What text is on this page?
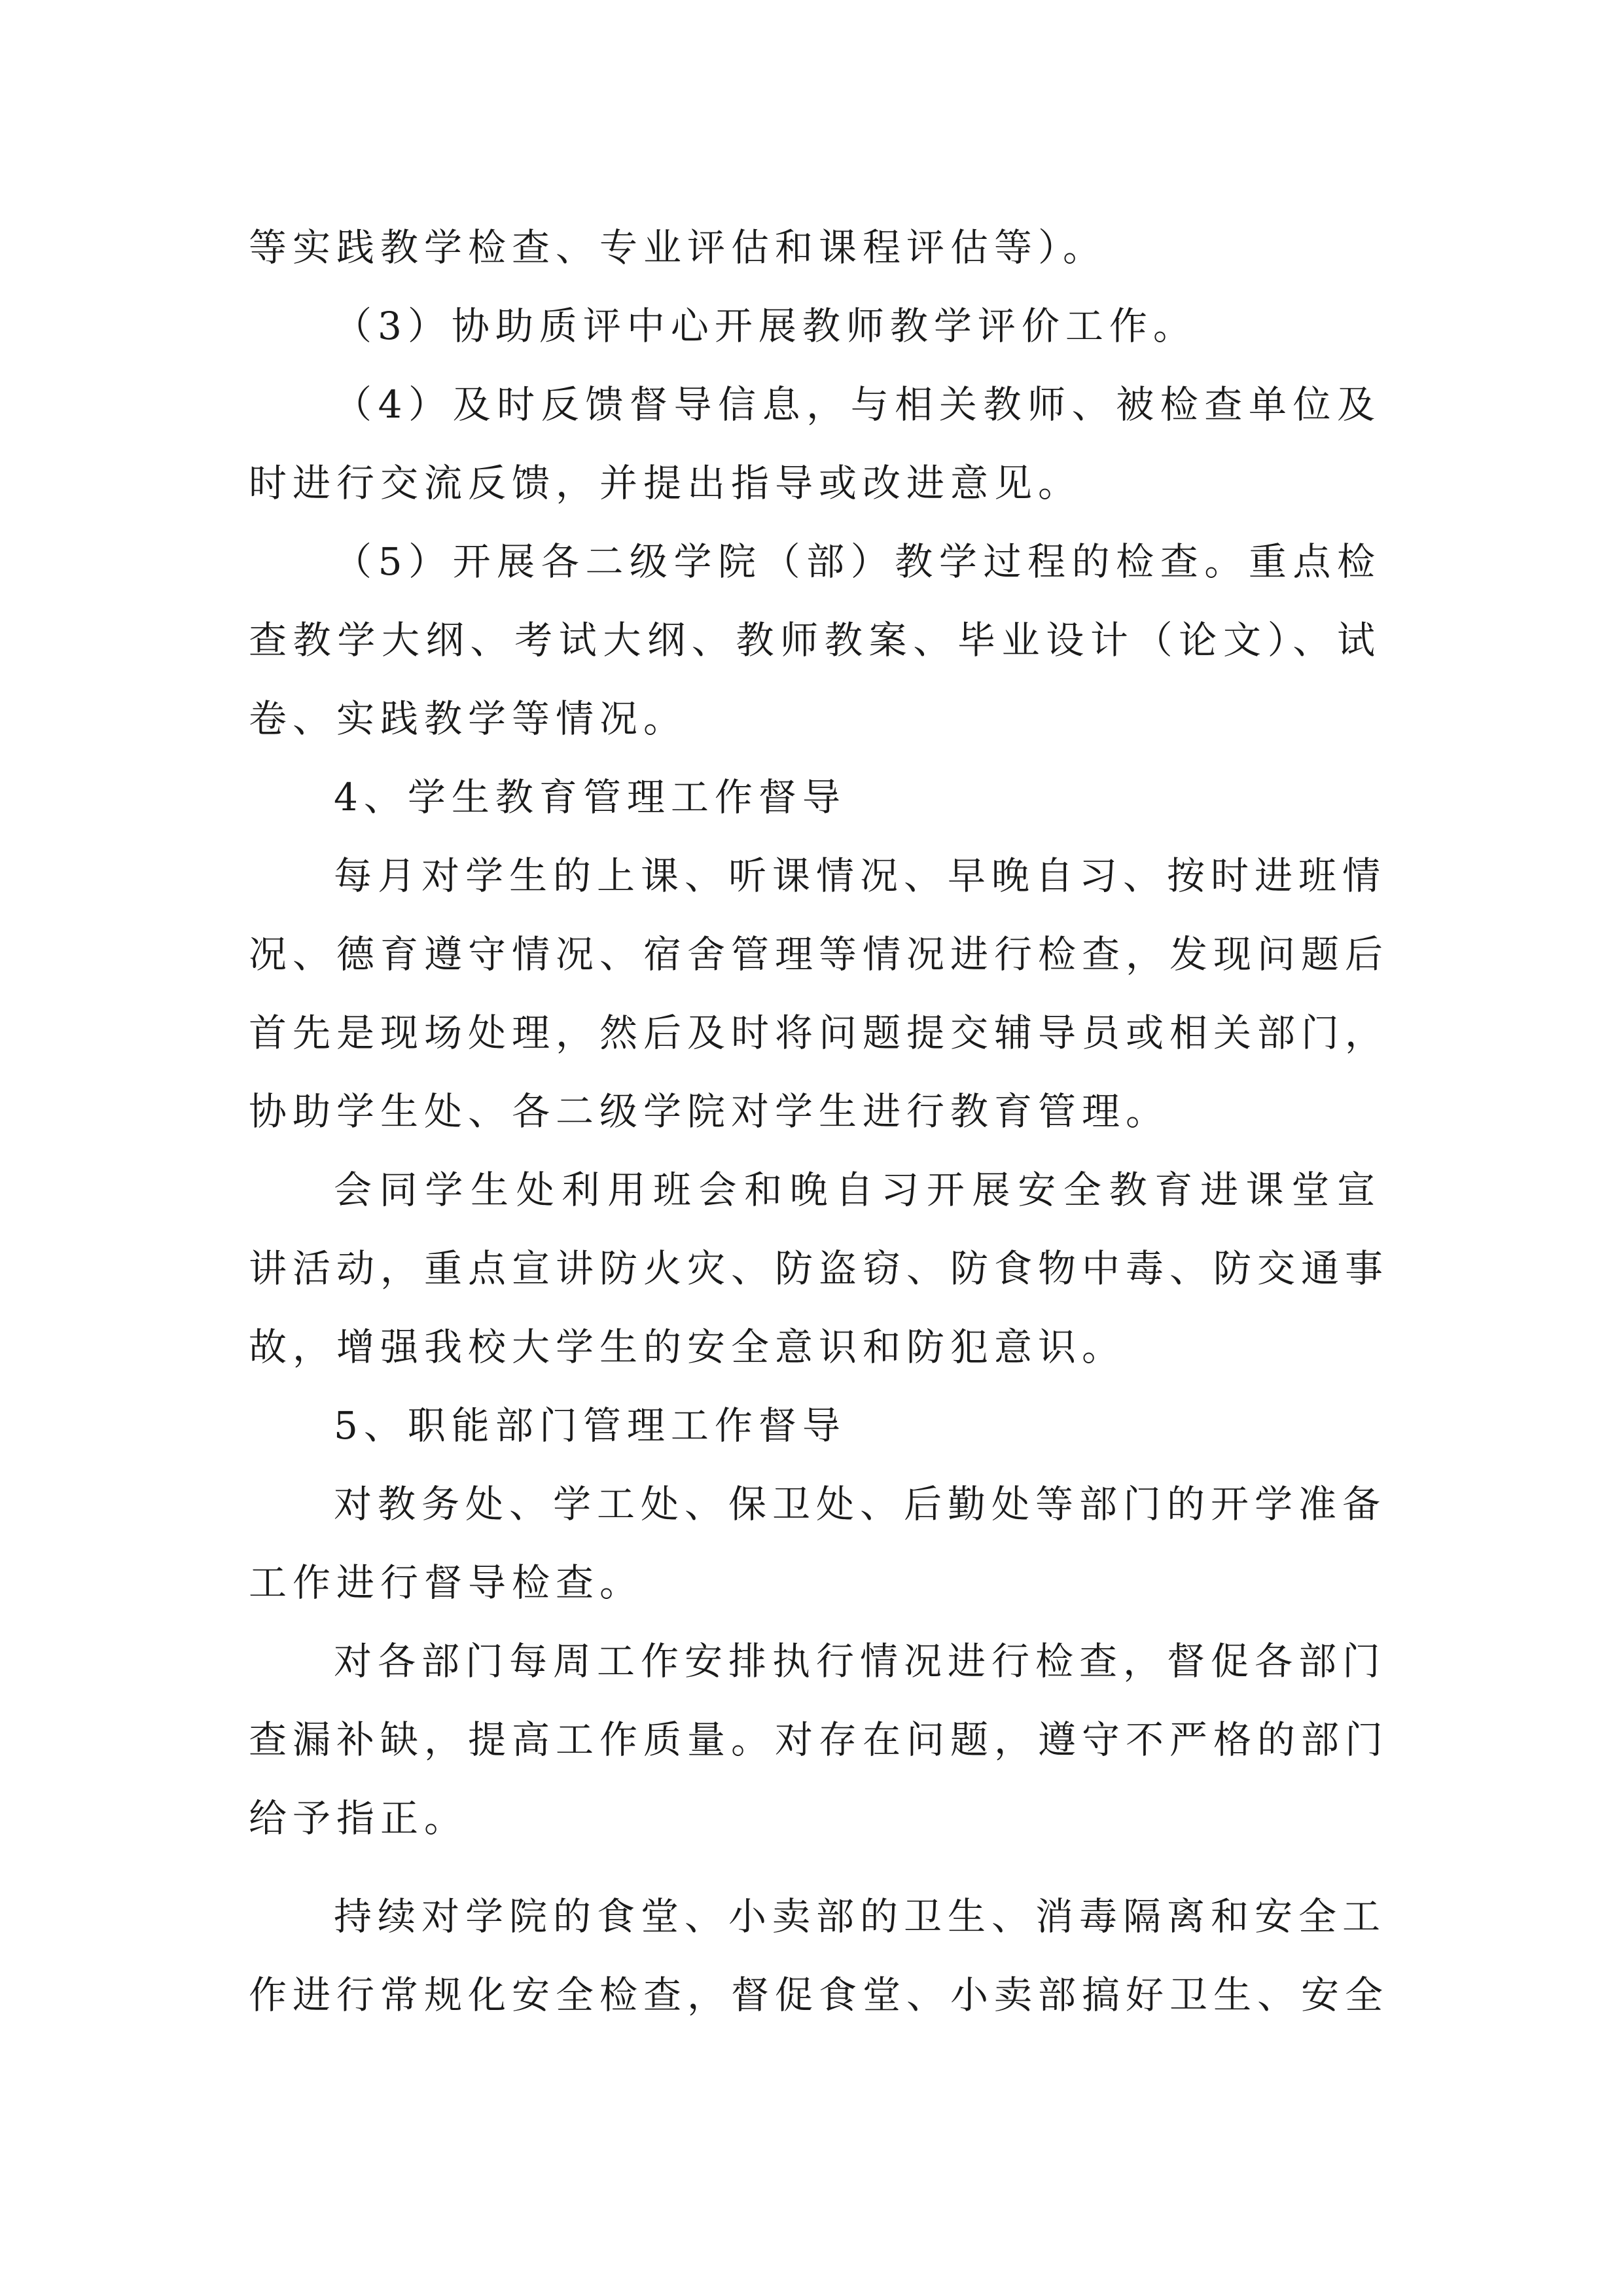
等实践教学检查、专业评估和课程评估等）。
（3）协助质评中心开展教师教学评价工作。
（4）及时反馈督导信息，与相关教师、被检查单位及
时进行交流反馈，并提出指导或改进意见。
（5）开展各二级学院（部）教学过程的检查。重点检
查教学大纲、考试大纲、教师教案、毕业设计（论文）、试
卷、实践教学等情况。
4、学生教育管理工作督导
每月对学生的上课、听课情况、早晚自习、按时进班情
况、德育遵守情况、宿舍管理等情况进行检查，发现问题后
首先是现场处理，然后及时将问题提交辅导员或相关部门，
协助学生处、各二级学院对学生进行教育管理。
会同学生处利用班会和晚自习开展安全教育进课堂宣
讲活动，重点宣讲防火灾、防盗窃、防食物中毒、防交通事
故，增强我校大学生的安全意识和防犯意识。
5、职能部门管理工作督导
对教务处、学工处、保卫处、后勤处等部门的开学准备
工作进行督导检查。
对各部门每周工作安排执行情况进行检查，督促各部门
查漏补缺，提高工作质量。对存在问题，遵守不严格的部门
给予指正。
持续对学院的食堂、小卖部的卫生、消毒隔离和安全工
作进行常规化安全检查，督促食堂、小卖部搞好卫生、安全
